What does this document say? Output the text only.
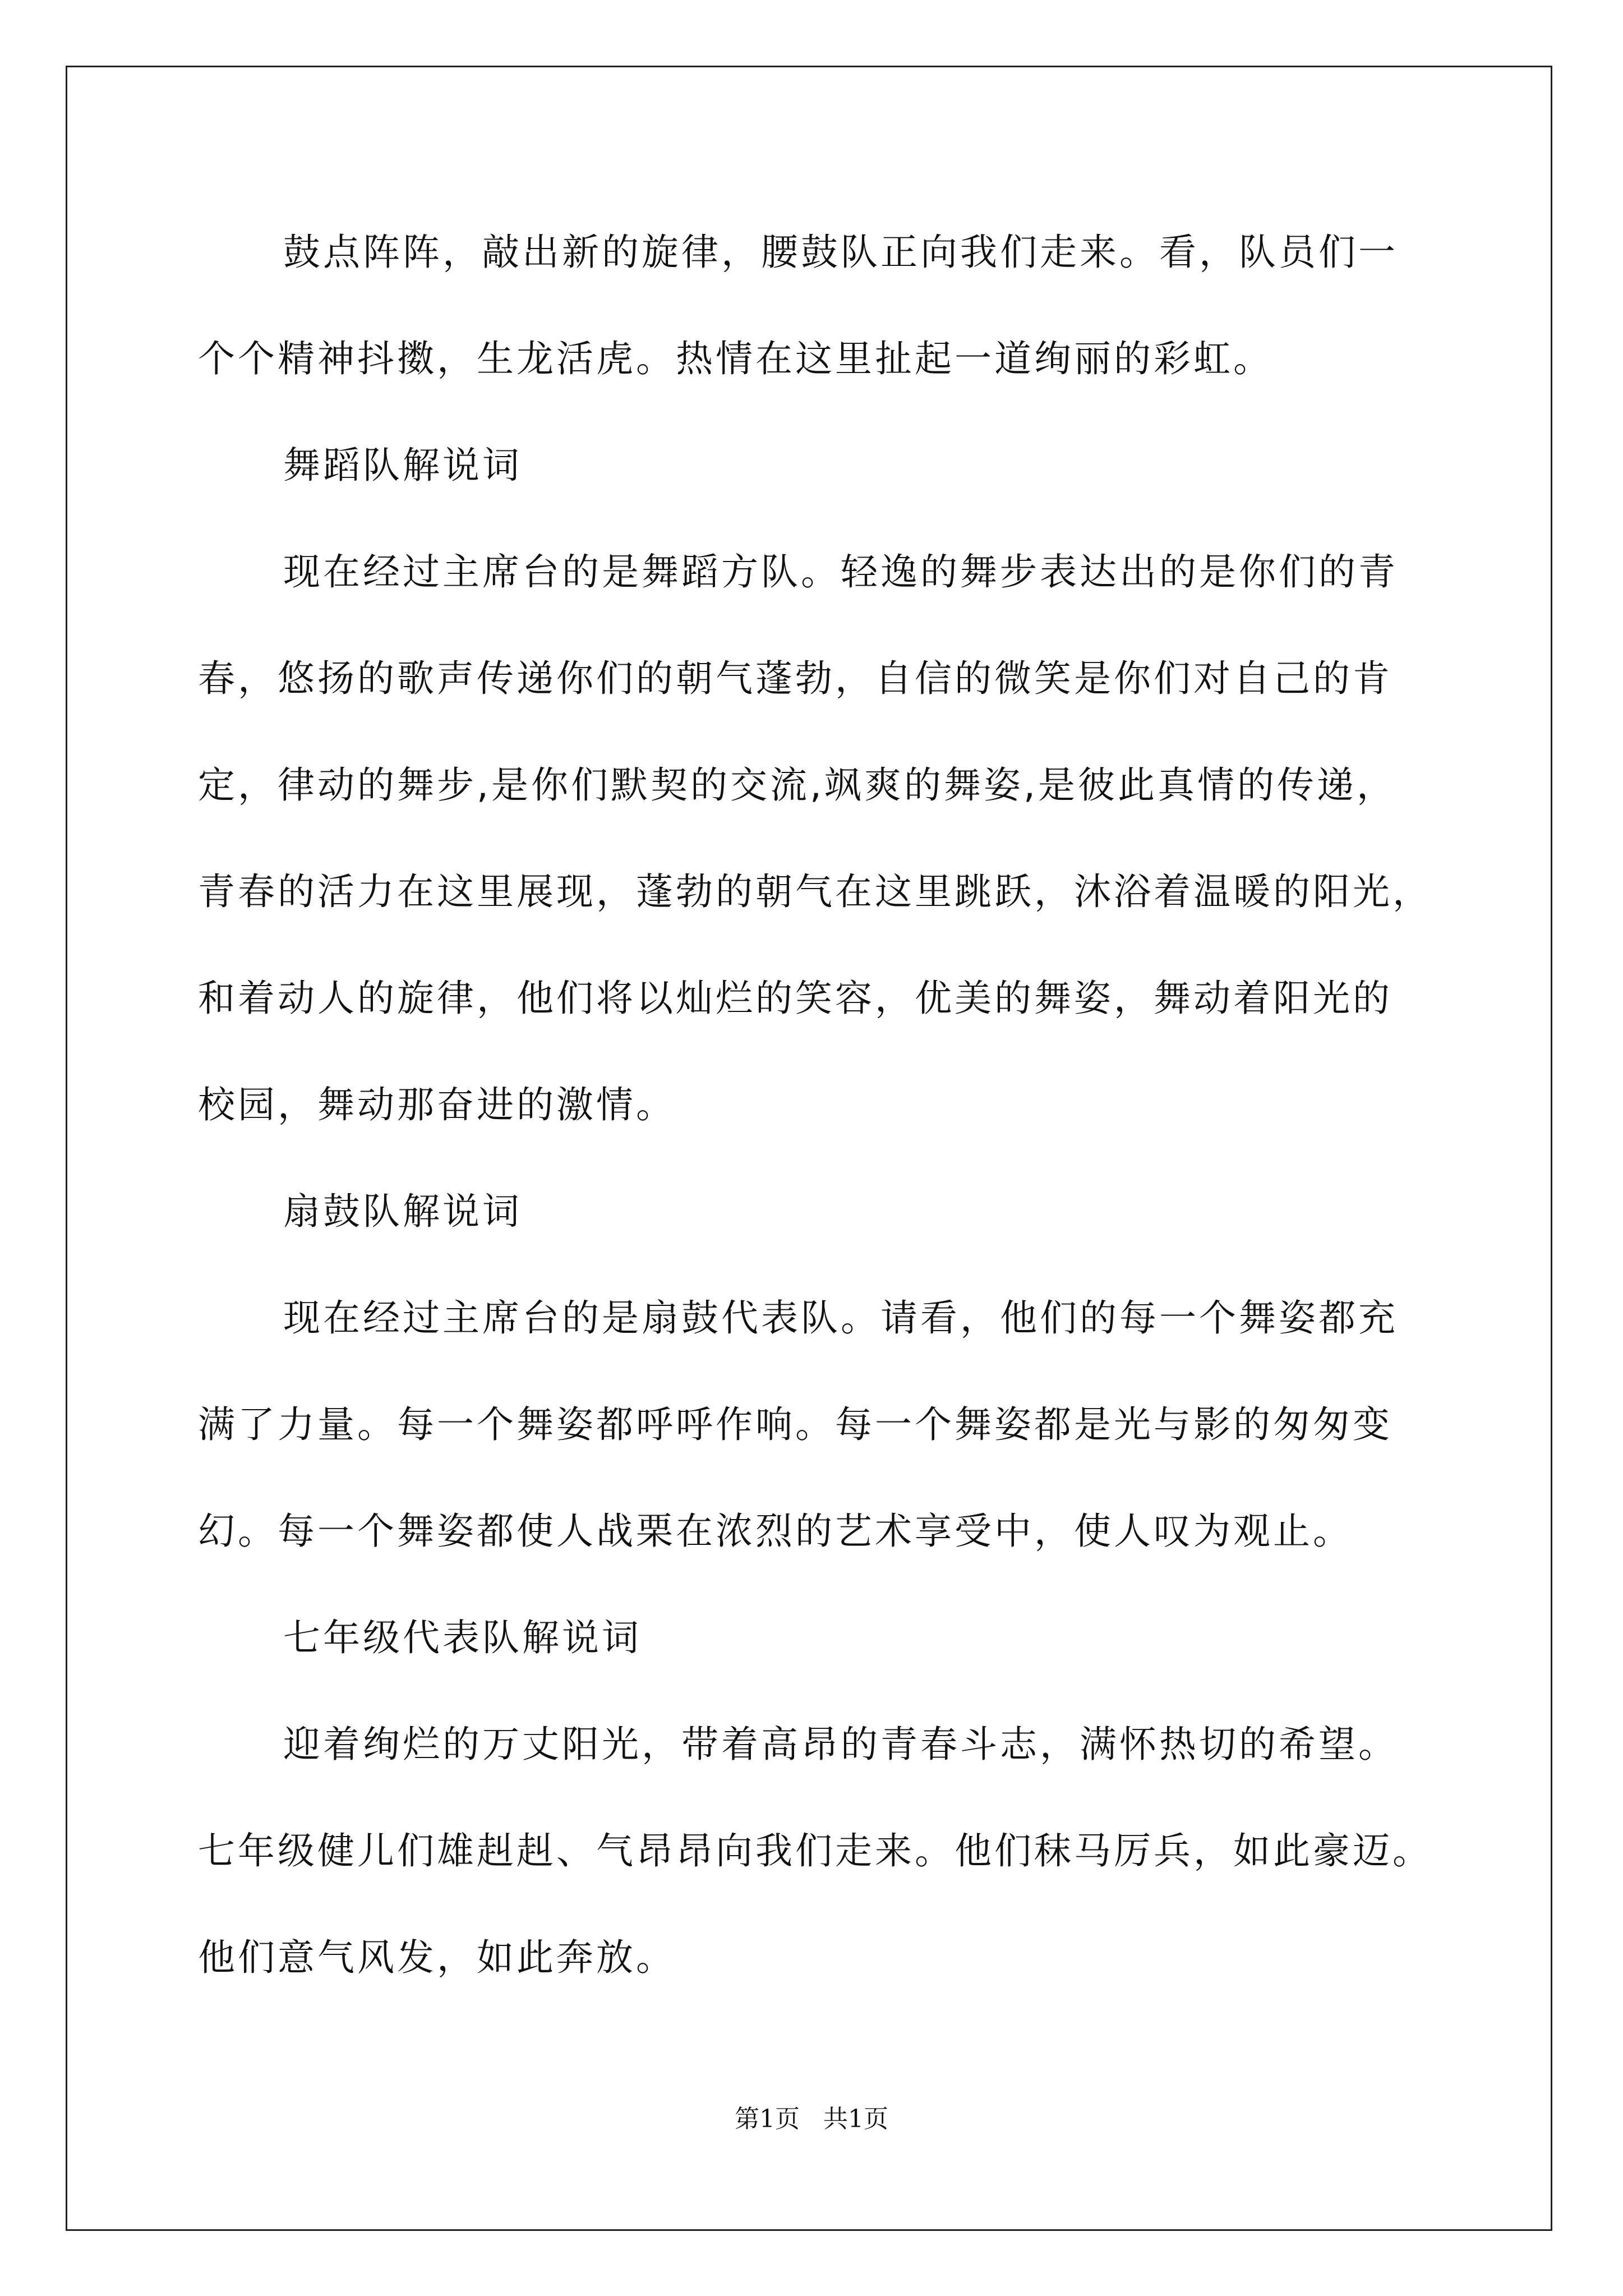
鼓点阵阵，敲出新的旋律，腰鼓队正向我们走来。看，队员们一
个个精神抖擞，生龙活虎。热情在这里扯起一道绚丽的彩虹。
舞蹈队解说词
现在经过主席台的是舞蹈方队。轻逸的舞步表达出的是你们的青
春，悠扬的歌声传递你们的朝气蓬勃，自信的微笑是你们对自己的肯
定，律动的舞步,是你们默契的交流,飒爽的舞姿,是彼此真情的传递，
青春的活力在这里展现，蓬勃的朝气在这里跳跃，沐浴着温暖的阳光，
和着动人的旋律，他们将以灿烂的笑容，优美的舞姿，舞动着阳光的
校园，舞动那奋进的激情。
扇鼓队解说词
现在经过主席台的是扇鼓代表队。请看，他们的每一个舞姿都充
满了力量。每一个舞姿都呼呼作响。每一个舞姿都是光与影的匆匆变
幻。每一个舞姿都使人战栗在浓烈的艺术享受中，使人叹为观止。
七年级代表队解说词
迎着绚烂的万丈阳光，带着高昂的青春斗志，满怀热切的希望。
七年级健儿们雄赳赳、气昂昂向我们走来。他们秣马厉兵，如此豪迈。
他们意气风发，如此奔放。
第1页 共1页
